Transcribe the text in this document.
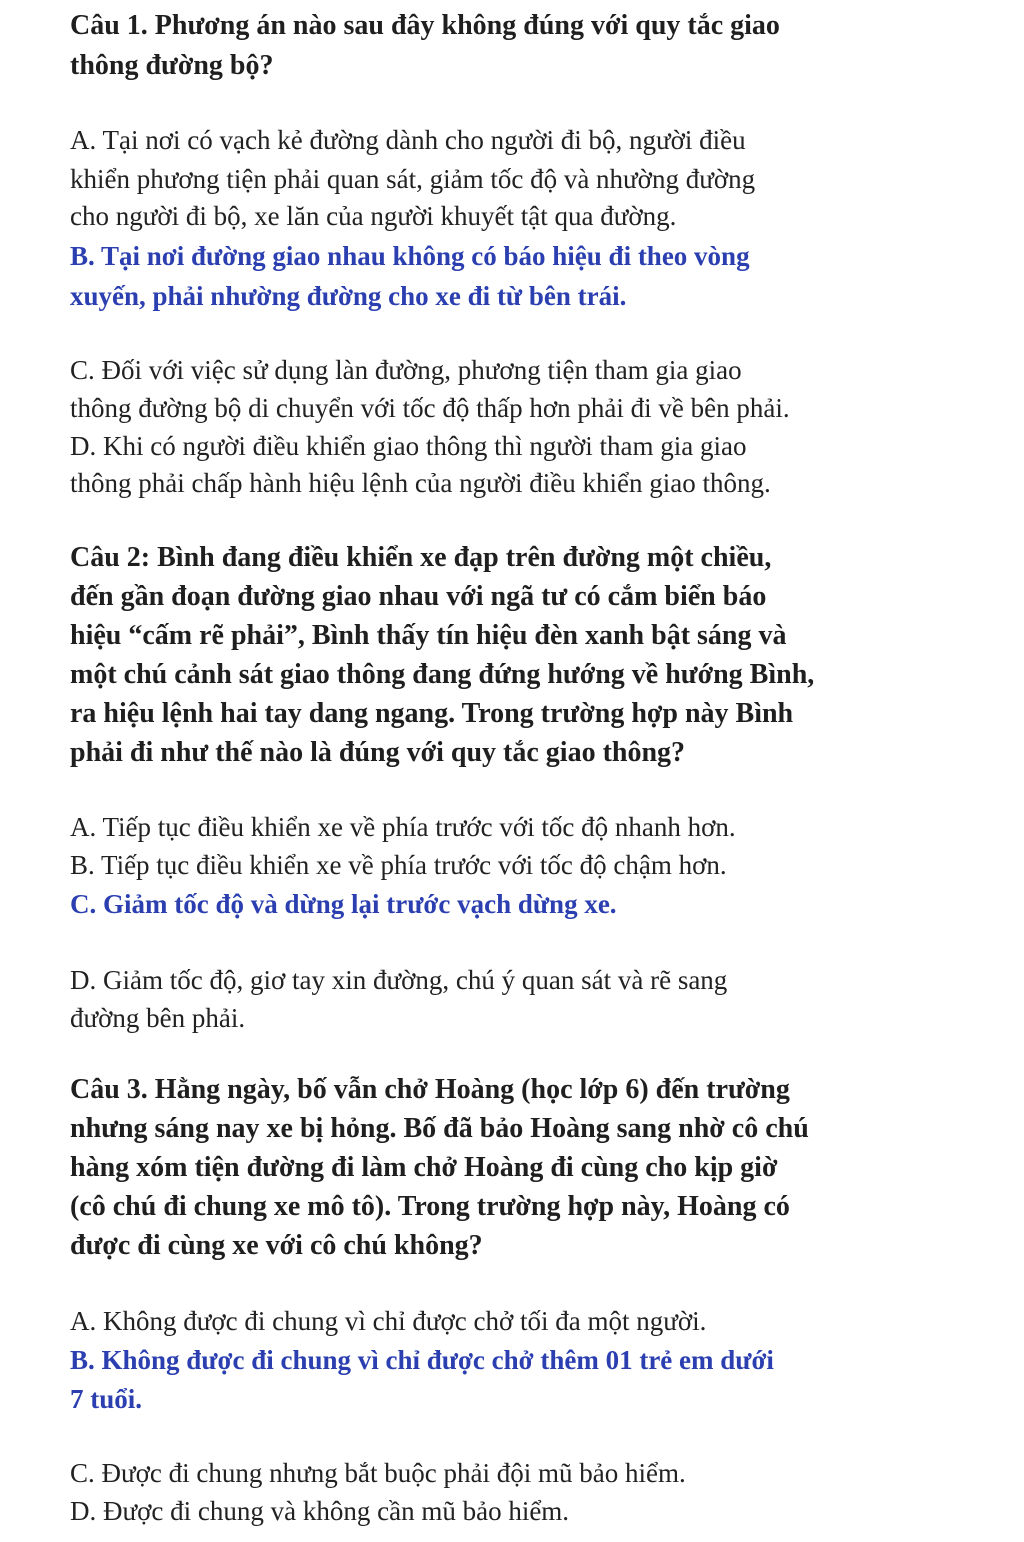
Câu 1. Phương án nào sau đây không đúng với quy tắc giao
thông đường bộ?
A. Tại nơi có vạch kẻ đường dành cho người đi bộ, người điều
khiển phương tiện phải quan sát, giảm tốc độ và nhường đường
cho người đi bộ, xe lăn của người khuyết tật qua đường.
B. Tại nơi đường giao nhau không có báo hiệu đi theo vòng
xuyến, phải nhường đường cho xe đi từ bên trái.
C. Đối với việc sử dụng làn đường, phương tiện tham gia giao
thông đường bộ di chuyển với tốc độ thấp hơn phải đi về bên phải.
D. Khi có người điều khiển giao thông thì người tham gia giao
thông phải chấp hành hiệu lệnh của người điều khiển giao thông.
Câu 2: Bình đang điều khiển xe đạp trên đường một chiều,
đến gần đoạn đường giao nhau với ngã tư có cắm biển báo
hiệu “cấm rẽ phải”, Bình thấy tín hiệu đèn xanh bật sáng và
một chú cảnh sát giao thông đang đứng hướng về hướng Bình,
ra hiệu lệnh hai tay dang ngang. Trong trường hợp này Bình
phải đi như thế nào là đúng với quy tắc giao thông?
A. Tiếp tục điều khiển xe về phía trước với tốc độ nhanh hơn.
B. Tiếp tục điều khiển xe về phía trước với tốc độ chậm hơn.
C. Giảm tốc độ và dừng lại trước vạch dừng xe.
D. Giảm tốc độ, giơ tay xin đường, chú ý quan sát và rẽ sang
đường bên phải.
Câu 3. Hằng ngày, bố vẫn chở Hoàng (học lớp 6) đến trường
nhưng sáng nay xe bị hỏng. Bố đã bảo Hoàng sang nhờ cô chú
hàng xóm tiện đường đi làm chở Hoàng đi cùng cho kịp giờ
(cô chú đi chung xe mô tô). Trong trường hợp này, Hoàng có
được đi cùng xe với cô chú không?
A. Không được đi chung vì chỉ được chở tối đa một người.
B. Không được đi chung vì chỉ được chở thêm 01 trẻ em dưới
7 tuổi.
C. Được đi chung nhưng bắt buộc phải đội mũ bảo hiểm.
D. Được đi chung và không cần mũ bảo hiểm.
